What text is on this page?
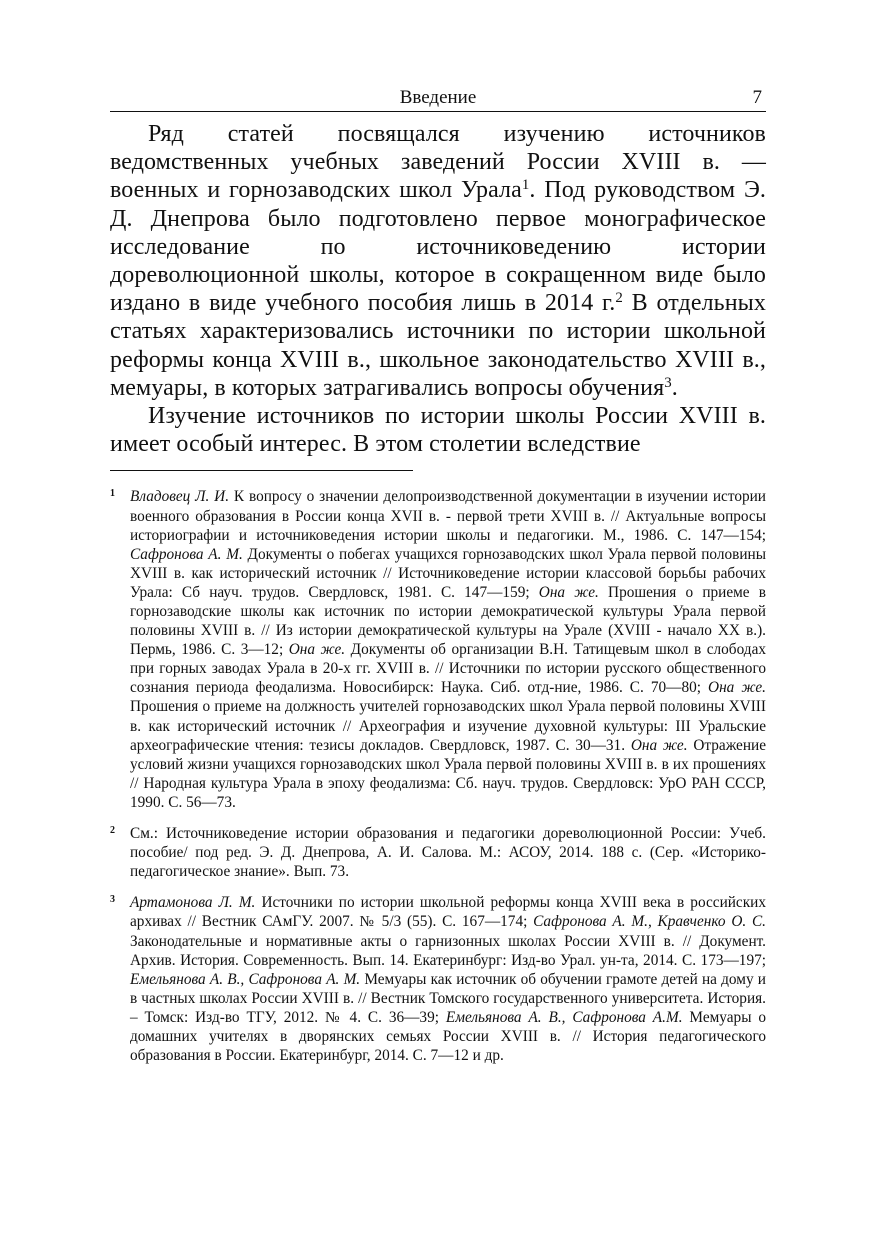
Введение	7

Ряд статей посвящался изучению источников ведомственных учебных заведений России XVIII в. — военных и горнозаводских школ Урала$^1$. Под руководством Э. Д. Днепрова было подготовлено первое монографическое исследование по источниковедению истории дореволюционной школы, которое в сокращенном виде было издано в виде учебного пособия лишь в 2014 г.$^2$ В отдельных статьях характеризовались источники по истории школьной реформы конца XVIII в., школьное законодательство XVIII в., мемуары, в которых затрагивались вопросы обучения$^3$.

Изучение источников по истории школы России XVIII в. имеет особый интерес. В этом столетии вследствие

1 Владовец Л. И. К вопросу о значении делопроизводственной документации в изучении истории военного образования в России конца XVII в. - первой трети XVIII в. // Актуальные вопросы историографии и источниковедения истории школы и педагогики. М., 1986. С. 147—154; Сафронова А. М. Документы о побегах учащихся горнозаводских школ Урала первой половины XVIII в. как исторический источник // Источниковедение истории классовой борьбы рабочих Урала: Сб науч. трудов. Свердловск, 1981. С. 147—159; Она же. Прошения о приеме в горнозаводские школы как источник по истории демократической культуры Урала первой половины XVIII в. // Из истории демократической культуры на Урале (XVIII - начало XX в.). Пермь, 1986. С. 3—12; Она же. Документы об организации В.Н. Татищевым школ в слободах при горных заводах Урала в 20-х гг. XVIII в. // Источники по истории русского общественного сознания периода феодализма. Новосибирск: Наука. Сиб. отд-ние, 1986. С. 70—80; Она же. Прошения о приеме на должность учителей горнозаводских школ Урала первой половины XVIII в. как исторический источник // Археография и изучение духовной культуры: III Уральские археографические чтения: тезисы докладов. Свердловск, 1987. С. 30—31. Она же. Отражение условий жизни учащихся горнозаводских школ Урала первой половины XVIII в. в их прошениях // Народная культура Урала в эпоху феодализма: Сб. науч. трудов. Свердловск: УрО РАН СССР, 1990. С. 56—73.
2 См.: Источниковедение истории образования и педагогики дореволюционной России: Учеб. пособие/ под ред. Э. Д. Днепрова, А. И. Салова. М.: АСОУ, 2014. 188 с. (Сер. «Историко-педагогическое знание». Вып. 73.
3 Артамонова Л. М. Источники по истории школьной реформы конца XVIII века в российских архивах // Вестник САмГУ. 2007. № 5/3 (55). С. 167—174; Сафронова А. М., Кравченко О. С. Законодательные и нормативные акты о гарнизонных школах России XVIII в. // Документ. Архив. История. Современность. Вып. 14. Екатеринбург: Изд-во Урал. ун-та, 2014. С. 173—197; Емельянова А. В., Сафронова А. М. Мемуары как источник об обучении грамоте детей на дому и в частных школах России XVIII в. // Вестник Томского государственного университета. История. – Томск: Изд-во ТГУ, 2012. № 4. С. 36—39; Емельянова А. В., Сафронова А.М. Мемуары о домашних учителях в дворянских семьях России XVIII в. // История педагогического образования в России. Екатеринбург, 2014. С. 7—12 и др.
